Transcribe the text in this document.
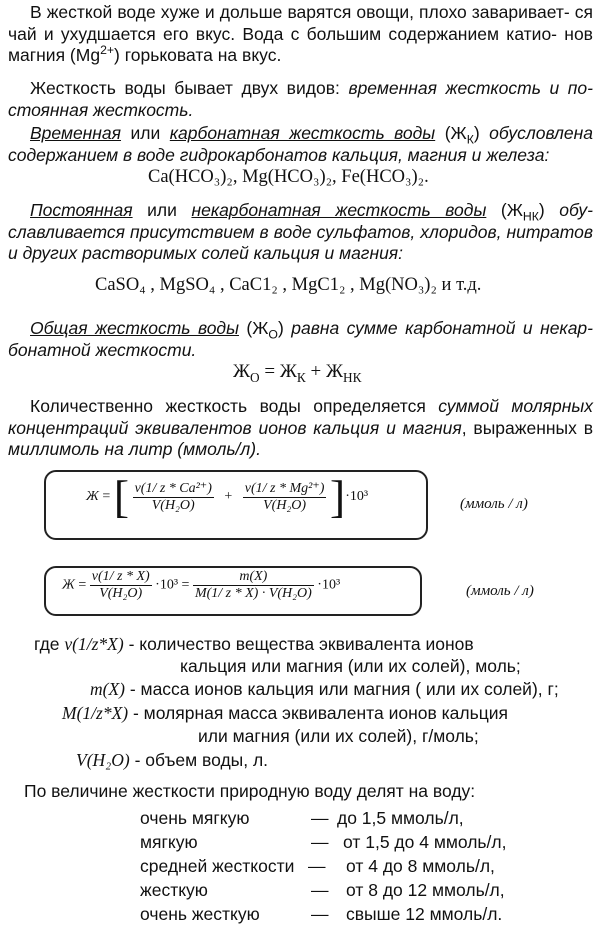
В жесткой воде хуже и дольше варятся овощи, плохо заваривает- ся чай и ухудшается его вкус. Вода с большим содержанием катио- нов магния $(Mg^{2+})$ горьковата на вкус.
Жесткость воды бывает двух видов: временная жесткость и по- стоянная жесткость.
Временная или карбонатная жесткость воды $(Ж_К)$ обусловлена содержанием в воде гидрокарбонатов кальция, магния и железа:
Ca(HCO₃)₂, Mg(HCO₃)₂, Fe(HCO₃)₂.
Постоянная или некарбонатная жесткость воды $(Ж_{НК})$ обу- славливается присутствием в воде сульфатов, хлоридов, нитратов и других растворимых солей кальция и магния:
CaSO₄ , MgSO₄ , CaC1₂ , MgC1₂ , Mg(NO₃)₂ и т.д.
Общая жесткость воды $(Ж_О)$ равна сумме карбонатной и некар- бонатной жесткости.
$Ж_О = Ж_К + Ж_{НК}$
Количественно жесткость воды определяется суммой молярных концентраций эквивалентов ионов кальция и магния, выраженных в миллимоль на литр (ммоль/л).
Ж = [ $\frac{\text{ν(1/ z * Ca²⁺)}}{\text{V(H₂O)}} + \frac{\text{ν(1/ z * Mg²⁺)}}{\text{V(H₂O)}} ]\cdot 10^3$	(ммоль / л)
$Ж = \frac{\nu(1/ z * X)}{\text{V(H₂O)}} \cdot 10^3 = \frac{m(X)}{\text{M(1/ z * X) · V(H₂O)}} \cdot 10^3$	(ммоль / л)
где ν(1/z*X) - количество вещества эквивалента ионов
кальция или магния (или их солей), моль;
m(X) - масса ионов кальция или магния ( или их солей), г;
M(1/z*X) - молярная масса эквивалента ионов кальция
или магния (или их солей), г/моль;
V(H₂O) - объем воды, л.
По величине жесткости природную воду делят на воду:
очень мягкую	— до 1,5 ммоль/л,
мягкую	— от 1,5 до 4 ммоль/л,
средней жесткости — от 4 до 8 ммоль/л,
жесткую	— от 8 до 12 ммоль/л,
очень жесткую	— свыше 12 ммоль/л.
